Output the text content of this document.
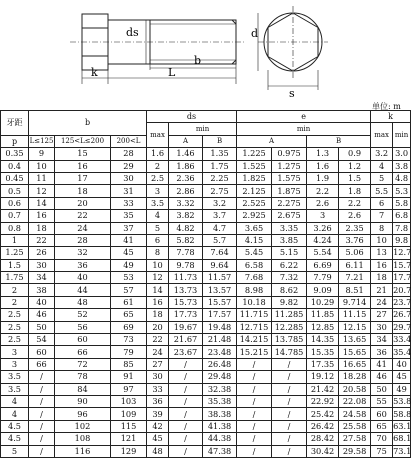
ds	d
b
k	L
s
单位: m
牙距	b			ds			e				k	
				max	min		min				max	min
p	L≤125	125<L≤200	200<L		A	B	A		B			
0.35	9	15	28	1.6	1.46	1.35	1.225	0.975	1.3	0.9	3.2	3.0
0.4	10	16	29	2	1.86	1.75	1.525	1.275	1.6	1.2	4	3.8
0.45	11	17	30	2.5	2.36	2.25	1.825	1.575	1.9	1.5	5	4.8
0.5	12	18	31	3	2.86	2.75	2.125	1.875	2.2	1.8	5.5	5.3
0.6	14	20	33	3.5	3.32	3.2	2.525	2.275	2.6	2.2	6	5.8
0.7	16	22	35	4	3.82	3.7	2.925	2.675	3	2.6	7	6.8
0.8	18	24	37	5	4.82	4.7	3.65	3.35	3.26	2.35	8	7.8
1	22	28	41	6	5.82	5.7	4.15	3.85	4.24	3.76	10	9.8
1.25	26	32	45	8	7.78	7.64	5.45	5.15	5.54	5.06	13	12.7
1.5	30	36	49	10	9.78	9.64	6.58	6.22	6.69	6.11	16	15.7
1.75	34	40	53	12	11.73	11.57	7.68	7.32	7.79	7.21	18	17.7
2	38	44	57	14	13.73	13.57	8.98	8.62	9.09	8.51	21	20.7
2	40	48	61	16	15.73	15.57	10.18	9.82	10.29	9.714	24	23.7
2.5	46	52	65	18	17.73	17.57	11.715	11.285	11.85	11.15	27	26.7
2.5	50	56	69	20	19.67	19.48	12.715	12.285	12.85	12.15	30	29.7
2.5	54	60	73	22	21.67	21.48	14.215	13.785	14.35	13.65	34	33.4
3	60	66	79	24	23.67	23.48	15.215	14.785	15.35	15.65	36	35.4
3	66	72	85	27	/	26.48	/	/	17.35	16.65	41	40
3.5	/	78	91	30	/	29.48	/	/	19.12	18.28	46	45
3.5	/	84	97	33	/	32.38	/	/	21.42	20.58	50	49
4	/	90	103	36	/	35.38	/	/	22.92	22.08	55	53.8
4	/	96	109	39	/	38.38	/	/	25.42	24.58	60	58.8
4.5	/	102	115	42	/	41.38	/	/	26.42	25.58	65	63.1
4.5	/	108	121	45	/	44.38	/	/	28.42	27.58	70	68.1
5	/	116	129	48	/	47.38	/	/	30.42	29.58	75	73.1
